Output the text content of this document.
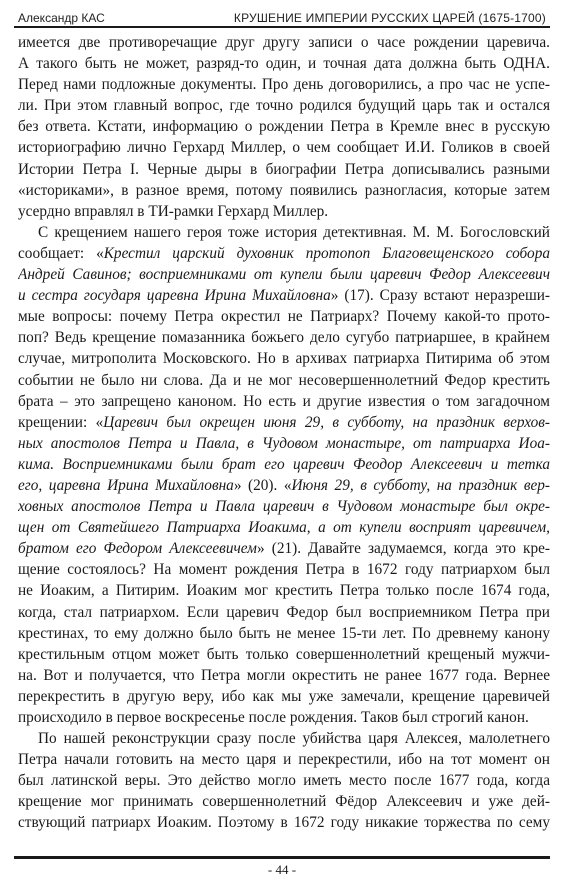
Александр КАС	КРУШЕНИЕ ИМПЕРИИ РУССКИХ ЦАРЕЙ (1675-1700)
имеется две противоречащие друг другу записи о часе рождении царевича.
А такого быть не может, разряд-то один, и точная дата должна быть ОДНА.
Перед нами подложные документы. Про день договорились, а про час не успе-
ли. При этом главный вопрос, где точно родился будущий царь так и остался
без ответа. Кстати, информацию о рождении Петра в Кремле внес в русскую
историографию лично Герхард Миллер, о чем сообщает И.И. Голиков в своей
Истории Петра I. Черные дыры в биографии Петра дописывались разными
«историками», в разное время, потому появились разногласия, которые затем
усердно вправлял в ТИ-рамки Герхард Миллер.
С крещением нашего героя тоже история детективная. М. М. Богословский
сообщает: «Крестил царский духовник протопоп Благовещенского собора
Андрей Савинов; восприемниками от купели были царевич Федор Алексеевич
и сестра государя царевна Ирина Михайловна» (17). Сразу встают неразреши-
мые вопросы: почему Петра окрестил не Патриарх? Почему какой-то прото-
поп? Ведь крещение помазанника божьего дело сугубо патриаршее, в крайнем
случае, митрополита Московского. Но в архивах патриарха Питирима об этом
событии не было ни слова. Да и не мог несовершеннолетний Федор крестить
брата – это запрещено каноном. Но есть и другие известия о том загадочном
крещении: «Царевич был окрещен июня 29, в субботу, на праздник верхов-
ных апостолов Петра и Павла, в Чудовом монастыре, от патриарха Иоа-
кима. Восприемниками были брат его царевич Феодор Алексеевич и тетка
его, царевна Ирина Михайловна» (20). «Июня 29, в субботу, на праздник вер-
ховных апостолов Петра и Павла царевич в Чудовом монастыре был окре-
щен от Святейшего Патриарха Иоакима, а от купели восприят царевичем,
братом его Федором Алексеевичем» (21). Давайте задумаемся, когда это кре-
щение состоялось? На момент рождения Петра в 1672 году патриархом был
не Иоаким, а Питирим. Иоаким мог крестить Петра только после 1674 года,
когда, стал патриархом. Если царевич Федор был восприемником Петра при
крестинах, то ему должно было быть не менее 15-ти лет. По древнему канону
крестильным отцом может быть только совершеннолетний крещеный мужчи-
на. Вот и получается, что Петра могли окрестить не ранее 1677 года. Вернее
перекрестить в другую веру, ибо как мы уже замечали, крещение царевичей
происходило в первое воскресенье после рождения. Таков был строгий канон.
По нашей реконструкции сразу после убийства царя Алексея, малолетнего
Петра начали готовить на место царя и перекрестили, ибо на тот момент он
был латинской веры. Это действо могло иметь место после 1677 года, когда
крещение мог принимать совершеннолетний Фёдор Алексеевич и уже дей-
ствующий патриарх Иоаким. Поэтому в 1672 году никакие торжества по сему
- 44 -
